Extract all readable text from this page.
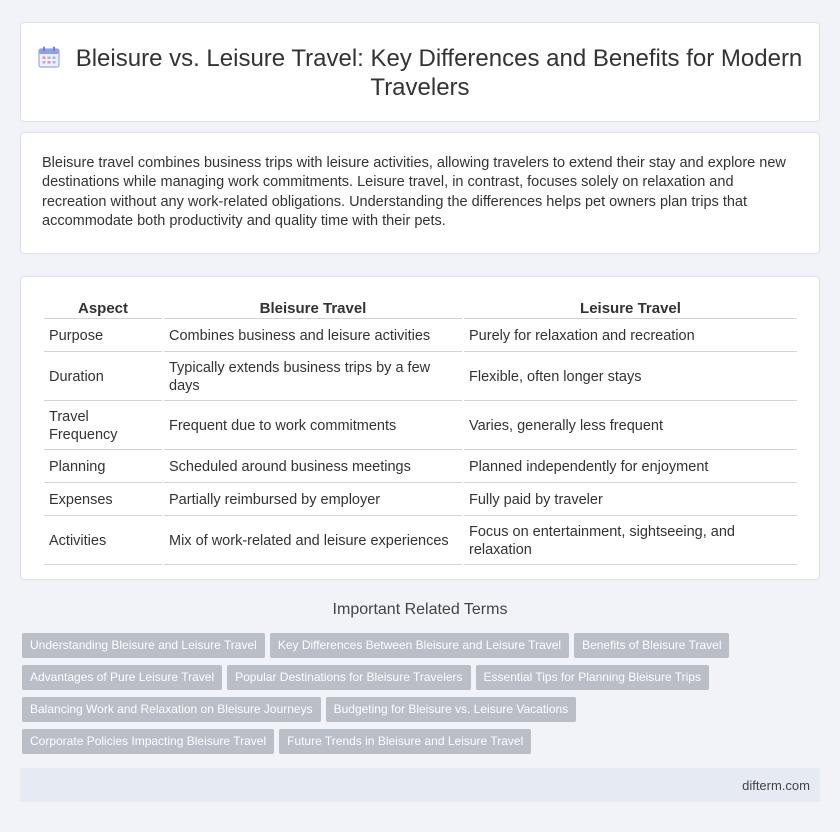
Bleisure vs. Leisure Travel: Key Differences and Benefits for Modern Travelers

Bleisure travel combines business trips with leisure activities, allowing travelers to extend their stay and explore new destinations while managing work commitments. Leisure travel, in contrast, focuses solely on relaxation and recreation without any work-related obligations. Understanding the differences helps pet owners plan trips that accommodate both productivity and quality time with their pets.

Aspect	Bleisure Travel	Leisure Travel
Purpose	Combines business and leisure activities	Purely for relaxation and recreation
Duration	Typically extends business trips by a few days	Flexible, often longer stays
Travel Frequency	Frequent due to work commitments	Varies, generally less frequent
Planning	Scheduled around business meetings	Planned independently for enjoyment
Expenses	Partially reimbursed by employer	Fully paid by traveler
Activities	Mix of work-related and leisure experiences	Focus on entertainment, sightseeing, and relaxation
Important Related Terms
Understanding Bleisure and Leisure Travel Key Differences Between Bleisure and Leisure Travel Benefits of Bleisure Travel
Advantages of Pure Leisure Travel Popular Destinations for Bleisure Travelers Essential Tips for Planning Bleisure Trips
Balancing Work and Relaxation on Bleisure Journeys Budgeting for Bleisure vs. Leisure Vacations
Corporate Policies Impacting Bleisure Travel Future Trends in Bleisure and Leisure Travel
difterm.com
